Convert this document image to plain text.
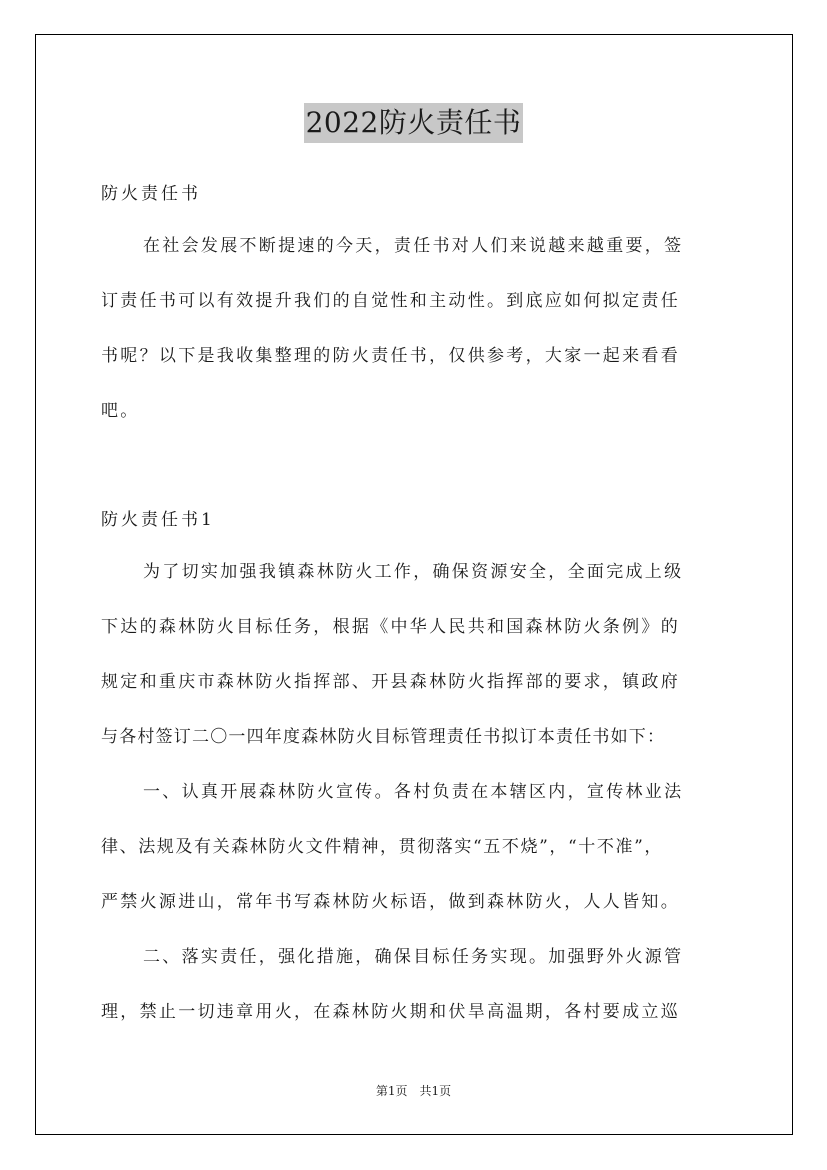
2022防火责任书
防火责任书
在社会发展不断提速的今天，责任书对人们来说越来越重要，签
订责任书可以有效提升我们的自觉性和主动性。到底应如何拟定责任
书呢？以下是我收集整理的防火责任书，仅供参考，大家一起来看看
吧。
防火责任书1
为了切实加强我镇森林防火工作，确保资源安全，全面完成上级
下达的森林防火目标任务，根据《中华人民共和国森林防火条例》的
规定和重庆市森林防火指挥部、开县森林防火指挥部的要求，镇政府
与各村签订二〇一四年度森林防火目标管理责任书拟订本责任书如下：
一、认真开展森林防火宣传。各村负责在本辖区内，宣传林业法
律、法规及有关森林防火文件精神，贯彻落实“五不烧”，“十不准”，
严禁火源进山，常年书写森林防火标语，做到森林防火，人人皆知。
二、落实责任，强化措施，确保目标任务实现。加强野外火源管
理，禁止一切违章用火，在森林防火期和伏旱高温期，各村要成立巡
第1页　共1页
